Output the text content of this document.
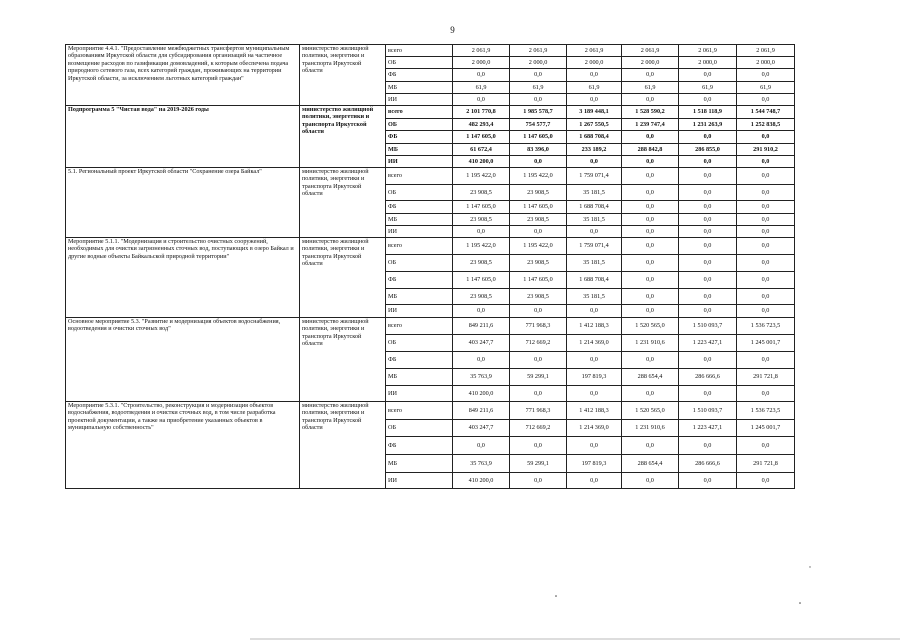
9
Мероприятие 4.4.1. "Предоставление межбюджетных трансфертов муниципальным образованиям Иркутской области для субсидирования организаций на частичное возмещение расходов по газификации домовладений, к которым обеспечена подача природного сетевого газа, всех категорий граждан, проживающих на территории Иркутской области, за исключением льготных категорий граждан"	министерство жилищной политики, энергетики и транспорта Иркутской области	всего	2 061,9	2 061,9	2 061,9	2 061,9	2 061,9	2 061,9
		ОБ	2 000,0	2 000,0	2 000,0	2 000,0	2 000,0	2 000,0
		ФБ	0,0	0,0	0,0	0,0	0,0	0,0
		МБ	61,9	61,9	61,9	61,9	61,9	61,9
		ИИ	0,0	0,0	0,0	0,0	0,0	0,0
Подпрограмма 5 "Чистая вода" на 2019-2026 годы	министерство жилищной политики, энергетики и транспорта Иркутской области	всего	2 101 770,8	1 985 578,7	3 189 448,1	1 528 590,2	1 518 118,9	1 544 748,7
		ОБ	482 293,4	754 577,7	1 267 550,5	1 239 747,4	1 231 263,9	1 252 838,5
		ФБ	1 147 605,0	1 147 605,0	1 688 708,4	0,0	0,0	0,0
		МБ	61 672,4	83 396,0	233 189,2	288 842,8	286 855,0	291 910,2
		ИИ	410 200,0	0,0	0,0	0,0	0,0	0,0
5.1. Региональный проект Иркутской области "Сохранение озера Байкал"	министерство жилищной политики, энергетики и транспорта Иркутской области	всего	1 195 422,0	1 195 422,0	1 759 071,4	0,0	0,0	0,0
		ОБ	23 908,5	23 908,5	35 181,5	0,0	0,0	0,0
		ФБ	1 147 605,0	1 147 605,0	1 688 708,4	0,0	0,0	0,0
		МБ	23 908,5	23 908,5	35 181,5	0,0	0,0	0,0
		ИИ	0,0	0,0	0,0	0,0	0,0	0,0
Мероприятие 5.1.1. "Модернизация и строительство очистных сооружений, необходимых для очистки загрязненных сточных вод, поступающих в озеро Байкал и другие водные объекты Байкальской природной территории"	министерство жилищной политики, энергетики и транспорта Иркутской области	всего	1 195 422,0	1 195 422,0	1 759 071,4	0,0	0,0	0,0
		ОБ	23 908,5	23 908,5	35 181,5	0,0	0,0	0,0
		ФБ	1 147 605,0	1 147 605,0	1 688 708,4	0,0	0,0	0,0
		МБ	23 908,5	23 908,5	35 181,5	0,0	0,0	0,0
		ИИ	0,0	0,0	0,0	0,0	0,0	0,0
Основное мероприятие 5.3. "Развитие и модернизация объектов водоснабжения, водоотведения и очистки сточных вод"	министерство жилищной политики, энергетики и транспорта Иркутской области	всего	849 211,6	771 968,3	1 412 188,3	1 520 565,0	1 510 093,7	1 536 723,5
		ОБ	403 247,7	712 669,2	1 214 369,0	1 231 910,6	1 223 427,1	1 245 001,7
		ФБ	0,0	0,0	0,0	0,0	0,0	0,0
		МБ	35 763,9	59 299,1	197 819,3	288 654,4	286 666,6	291 721,8
		ИИ	410 200,0	0,0	0,0	0,0	0,0	0,0
Мероприятие 5.3.1. "Строительство, реконструкция и модернизация объектов водоснабжения, водоотведения и очистки сточных вод, в том числе разработка проектной документации, а также на приобретение указанных объектов в муниципальную собственность"	министерство жилищной политики, энергетики и транспорта Иркутской области	всего	849 211,6	771 968,3	1 412 188,3	1 520 565,0	1 510 093,7	1 536 723,5
		ОБ	403 247,7	712 669,2	1 214 369,0	1 231 910,6	1 223 427,1	1 245 001,7
		ФБ	0,0	0,0	0,0	0,0	0,0	0,0
		МБ	35 763,9	59 299,1	197 819,3	288 654,4	286 666,6	291 721,8
		ИИ	410 200,0	0,0	0,0	0,0	0,0	0,0
